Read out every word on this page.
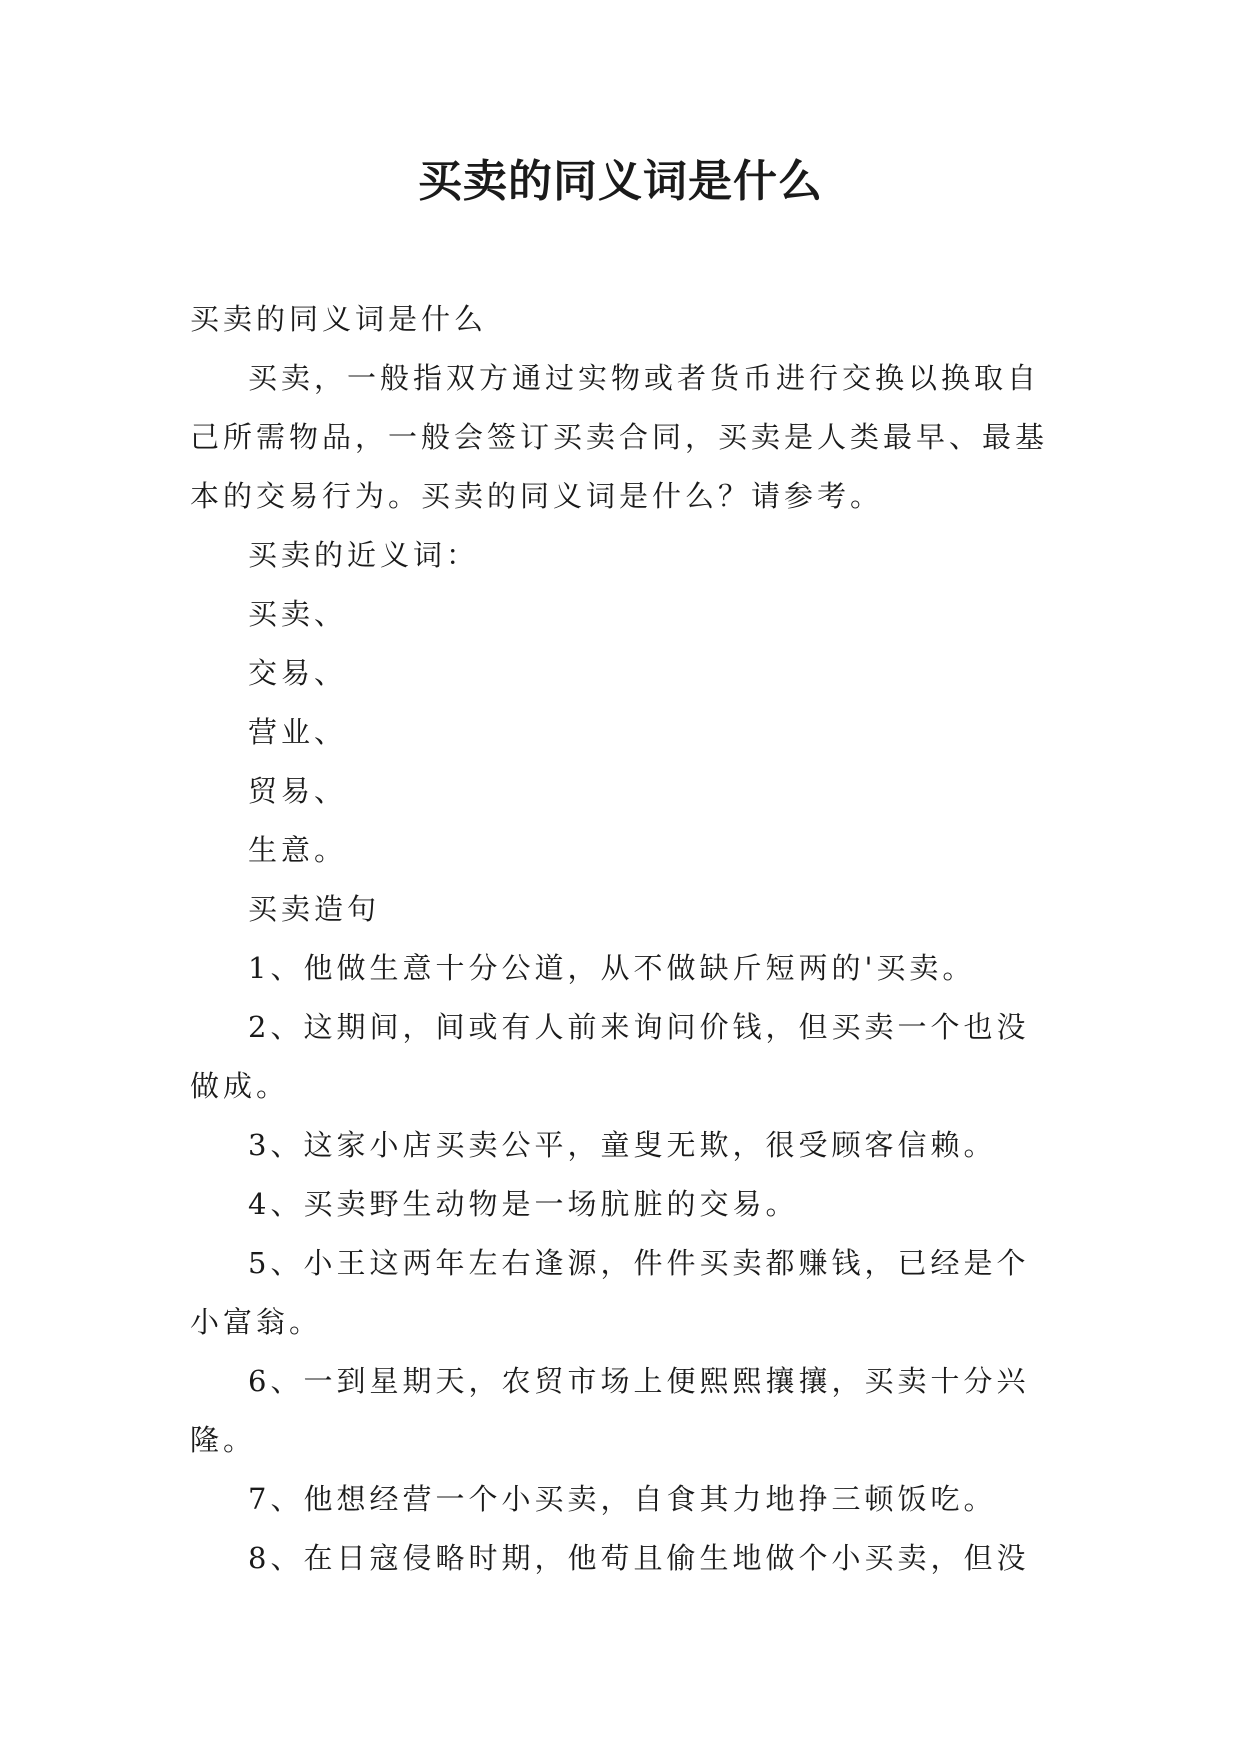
买卖的同义词是什么

买卖的同义词是什么

买卖，一般指双方通过实物或者货币进行交换以换取自己所需物品，一般会签订买卖合同，买卖是人类最早、最基本的交易行为。买卖的同义词是什么？请参考。

买卖的近义词：

买卖、

交易、

营业、

贸易、

生意。

买卖造句

1、他做生意十分公道，从不做缺斤短两的'买卖。

2、这期间，间或有人前来询问价钱，但买卖一个也没做成。

3、这家小店买卖公平，童叟无欺，很受顾客信赖。

4、买卖野生动物是一场肮脏的交易。

5、小王这两年左右逢源，件件买卖都赚钱，已经是个小富翁。

6、一到星期天，农贸市场上便熙熙攘攘，买卖十分兴隆。

7、他想经营一个小买卖，自食其力地挣三顿饭吃。

8、在日寇侵略时期，他苟且偷生地做个小买卖，但没
